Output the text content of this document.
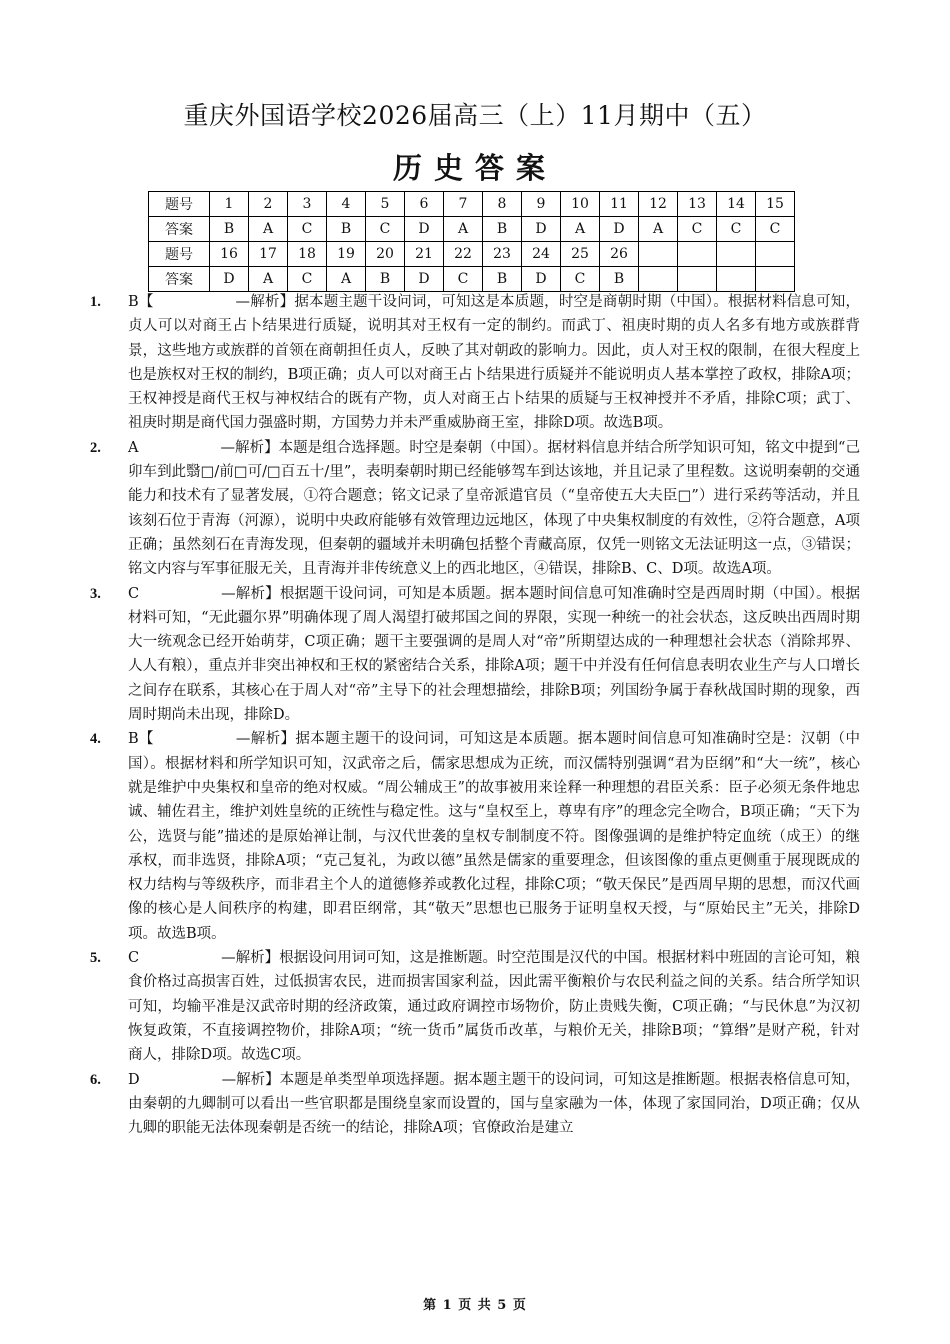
重庆外国语学校2026届高三（上）11月期中（五）
历史答案
题号	1	2	3	4	5	6	7	8	9	10	11	12	13	14	15
答案	B	A	C	B	C	D	A	B	D	A	D	A	C	C	C
题号	16	17	18	19	20	21	22	23	24	25	26				
答案	D	A	C	A	B	D	C	B	D	C	B				

1.	B【	—解析】据本题主题干设问词，可知这是本质题，时空是商朝时期（中国）。根据材料信息可知，贞人可以对商王占卜结果进行质疑，说明其对王权有一定的制约。而武丁、祖庚时期的贞人名多有地方或族群背景，这些地方或族群的首领在商朝担任贞人，反映了其对朝政的影响力。因此，贞人对王权的限制，在很大程度上也是族权对王权的制约，B项正确；贞人可以对商王占卜结果进行质疑并不能说明贞人基本掌控了政权，排除A项；王权神授是商代王权与神权结合的既有产物，贞人对商王占卜结果的质疑与王权神授并不矛盾，排除C项；武丁、祖庚时期是商代国力强盛时期，方国势力并未严重威胁商王室，排除D项。故选B项。

2.	A	—解析】本题是组合选择题。时空是秦朝（中国）。据材料信息并结合所学知识可知，铭文中提到“己卯车到此翳□/前□可/□百五十/里”，表明秦朝时期已经能够驾车到达该地，并且记录了里程数。这说明秦朝的交通能力和技术有了显著发展，①符合题意；铭文记录了皇帝派遣官员（“皇帝使五大夫臣□”）进行采药等活动，并且该刻石位于青海（河源），说明中央政府能够有效管理边远地区，体现了中央集权制度的有效性，②符合题意，A项正确；虽然刻石在青海发现，但秦朝的疆域并未明确包括整个青藏高原，仅凭一则铭文无法证明这一点，③错误；铭文内容与军事征服无关，且青海并非传统意义上的西北地区，④错误，排除B、C、D项。故选A项。

3.	C	—解析】根据题干设问词，可知是本质题。据本题时间信息可知准确时空是西周时期（中国）。根据材料可知，“无此疆尔界”明确体现了周人渴望打破邦国之间的界限，实现一种统一的社会状态，这反映出西周时期大一统观念已经开始萌芽，C项正确；题干主要强调的是周人对“帝”所期望达成的一种理想社会状态（消除邦界、人人有粮），重点并非突出神权和王权的紧密结合关系，排除A项；题干中并没有任何信息表明农业生产与人口增长之间存在联系，其核心在于周人对“帝”主导下的社会理想描绘，排除B项；列国纷争属于春秋战国时期的现象，西周时期尚未出现，排除D。

4.	B【	—解析】据本题主题干的设问词，可知这是本质题。据本题时间信息可知准确时空是：汉朝（中国）。根据材料和所学知识可知，汉武帝之后，儒家思想成为正统，而汉儒特别强调“君为臣纲”和“大一统”，核心就是维护中央集权和皇帝的绝对权威。“周公辅成王”的故事被用来诠释一种理想的君臣关系：臣子必须无条件地忠诚、辅佐君主，维护刘姓皇统的正统性与稳定性。这与“皇权至上，尊卑有序”的理念完全吻合，B项正确；“天下为公，选贤与能”描述的是原始禅让制，与汉代世袭的皇权专制制度不符。图像强调的是维护特定血统（成王）的继承权，而非选贤，排除A项；“克己复礼，为政以德”虽然是儒家的重要理念，但该图像的重点更侧重于展现既成的权力结构与等级秩序，而非君主个人的道德修养或教化过程，排除C项；“敬天保民”是西周早期的思想，而汉代画像的核心是人间秩序的构建，即君臣纲常，其“敬天”思想也已服务于证明皇权天授，与“原始民主”无关，排除D项。故选B项。

5.	C	—解析】根据设问用词可知，这是推断题。时空范围是汉代的中国。根据材料中班固的言论可知，粮食价格过高损害百姓，过低损害农民，进而损害国家利益，因此需平衡粮价与农民利益之间的关系。结合所学知识可知，均输平准是汉武帝时期的经济政策，通过政府调控市场物价，防止贵贱失衡，C项正确；“与民休息”为汉初恢复政策，不直接调控物价，排除A项；“统一货币”属货币改革，与粮价无关，排除B项；“算缗”是财产税，针对商人，排除D项。故选C项。

6.	D	—解析】本题是单类型单项选择题。据本题主题干的设问词，可知这是推断题。根据表格信息可知，由秦朝的九卿制可以看出一些官职都是围绕皇家而设置的，国与皇家融为一体，体现了家国同治，D项正确；仅从九卿的职能无法体现秦朝是否统一的结论，排除A项；官僚政治是建立

第 1 页 共 5 页
